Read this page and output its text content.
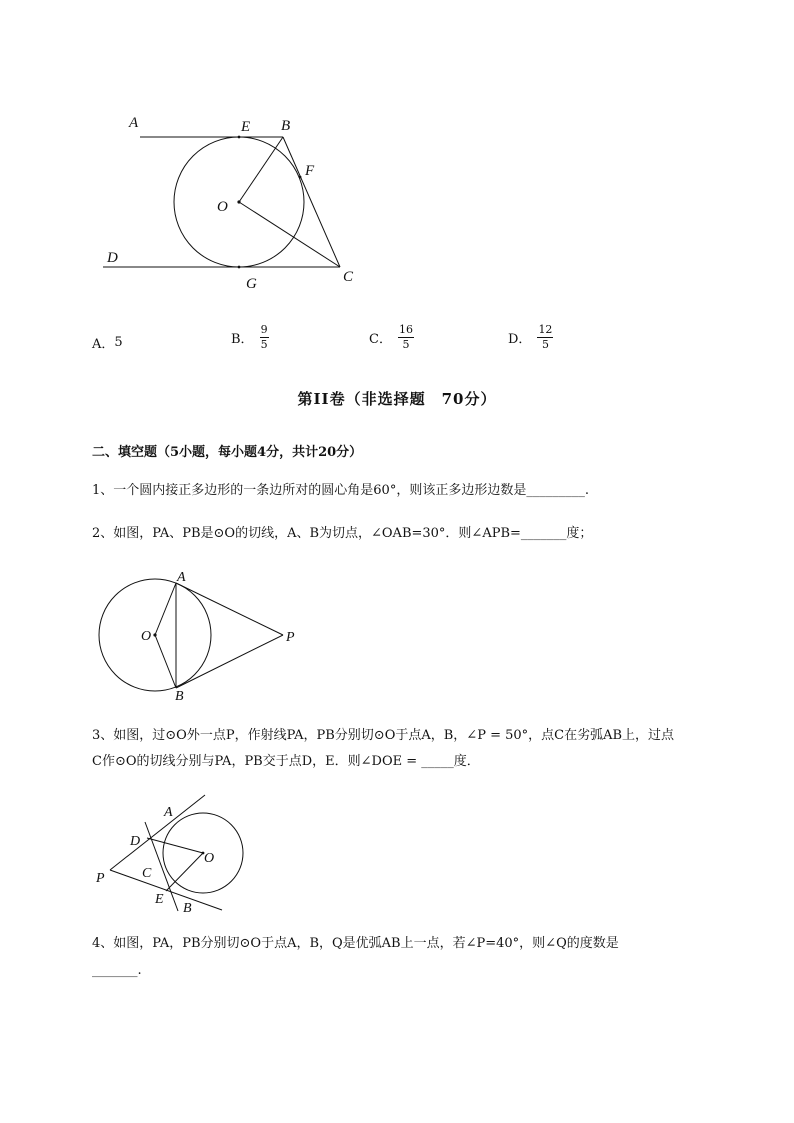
A	E B
F
O
D
G	C
A． 5	B． $\frac{9}{5}$	C． $\frac{16}{5}$	D． $\frac{12}{5}$
第II卷（非选择题　70分）
二、填空题（5小题，每小题4分，共计20分）
1、一个圆内接正多边形的一条边所对的圆心角是60°，则该正多边形边数是_________.
2、如图，PA、PB是⊙O的切线，A、B为切点，∠OAB=30°．则∠APB=_______度；
A
O	P
B
3、如图，过⊙O外一点P，作射线PA，PB分别切⊙O于点A，B，∠P = 50°，点C在劣弧AB上，过点
C作⊙O的切线分别与PA，PB交于点D，E．则∠DOE = _____度．
A
D
O
P	C
E
B
4、如图，PA，PB分别切⊙O于点A，B，Q是优弧AB上一点，若∠P=40°，则∠Q的度数是
_______.
